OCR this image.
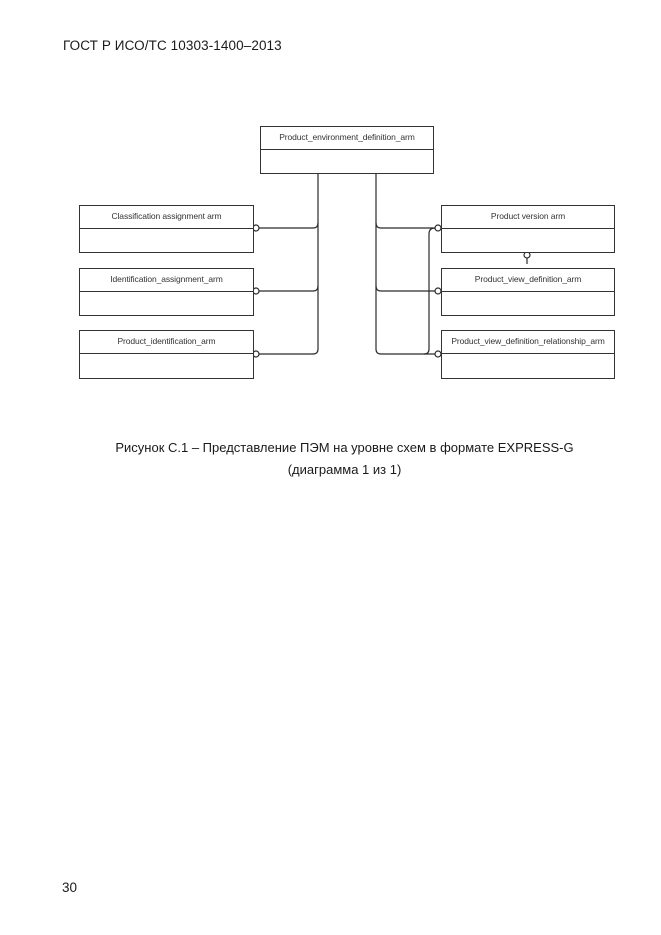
ГОСТ Р ИСО/ТС 10303-1400–2013
Product_environment_definition_arm
Classification assignment arm
Identification_assignment_arm
Product_identification_arm
Product version arm
Product_view_definition_arm
Product_view_definition_relationship_arm
Рисунок С.1 – Представление ПЭМ на уровне схем в формате EXPRESS-G
(диаграмма 1 из 1)
30
